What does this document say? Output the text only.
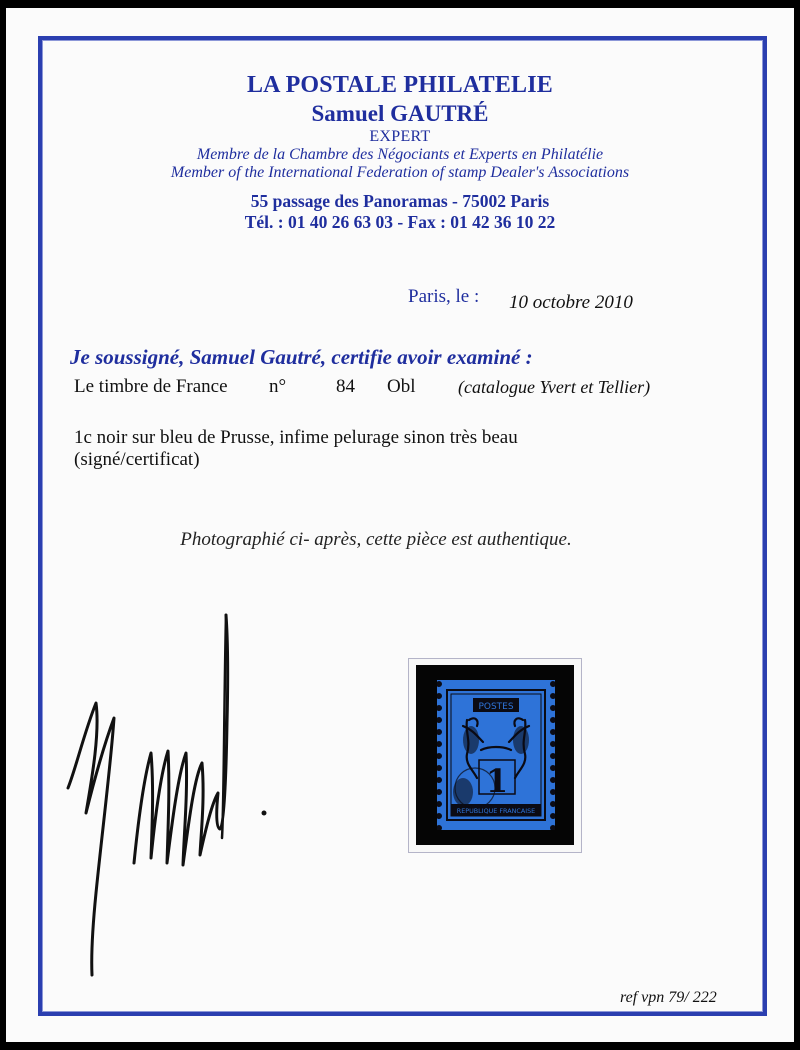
LA POSTALE PHILATELIE

Samuel GAUTRÉ

EXPERT

Membre de la Chambre des Négociants et Experts en Philatélie

Member of the International Federation of stamp Dealer's Associations

55 passage des Panoramas - 75002 Paris

Tél. : 01 40 26 63 03 - Fax : 01 42 36 10 22

Paris, le : 10 octobre 2010

Je soussigné, Samuel Gautré, certifie avoir examiné :

Le timbre de France n°	84 Obl (catalogue Yvert et Tellier)

1c noir sur bleu de Prusse, infime pelurage sinon très beau

(signé/certificat)

Photographié ci- après, cette pièce est authentique.

POSTES
1
REPUBLIQUE FRANCAISE

ref vpn 79/ 222
